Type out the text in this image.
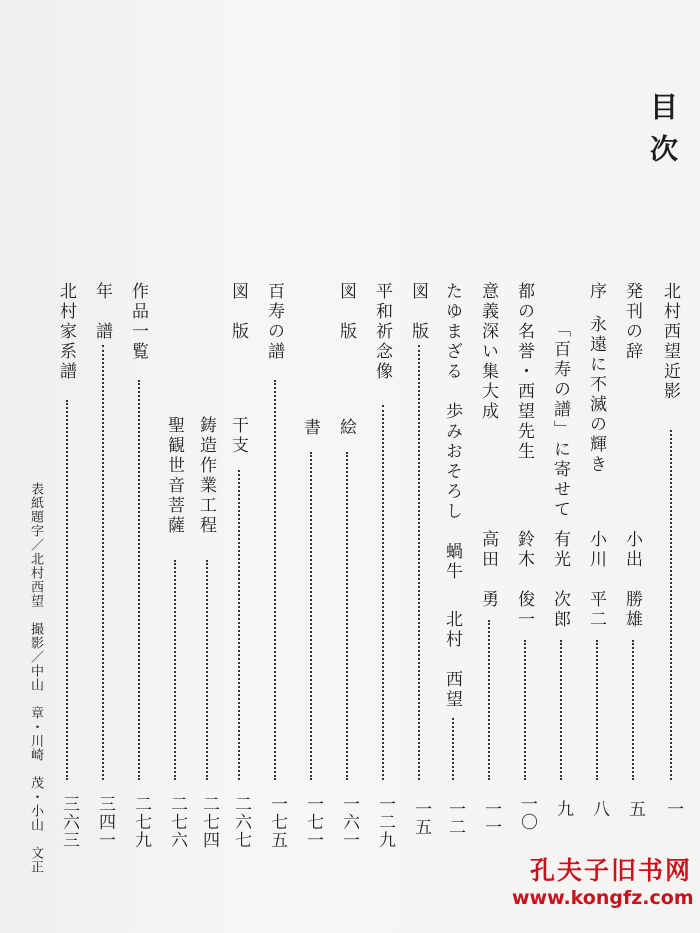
目次
北村西望近影
一
発刊の辞
小出　勝雄
五
序
永遠に不滅の輝き
小川　平二
八
「百寿の譜」に寄せて
有光　次郎
九
都の名誉・西望先生
鈴木　俊一
一〇
意義深い集大成
高田　勇
一一
たゆまざる　歩みおそろし　蝸牛
北村　西望
一二
図　版
一五
平和祈念像
一二九
図　版
絵
一六一
書
一七一
百寿の譜
一七五
図　版
干支
二六七
鋳造作業工程
二七四
聖観世音菩薩
二七六
作品一覧
二七九
年　譜
三四一
北村家系譜
三六三
表紙題字／北村西望　撮影／中山　章・川崎　茂・小山　文正	孔夫子旧书网
www.kongfz.com
